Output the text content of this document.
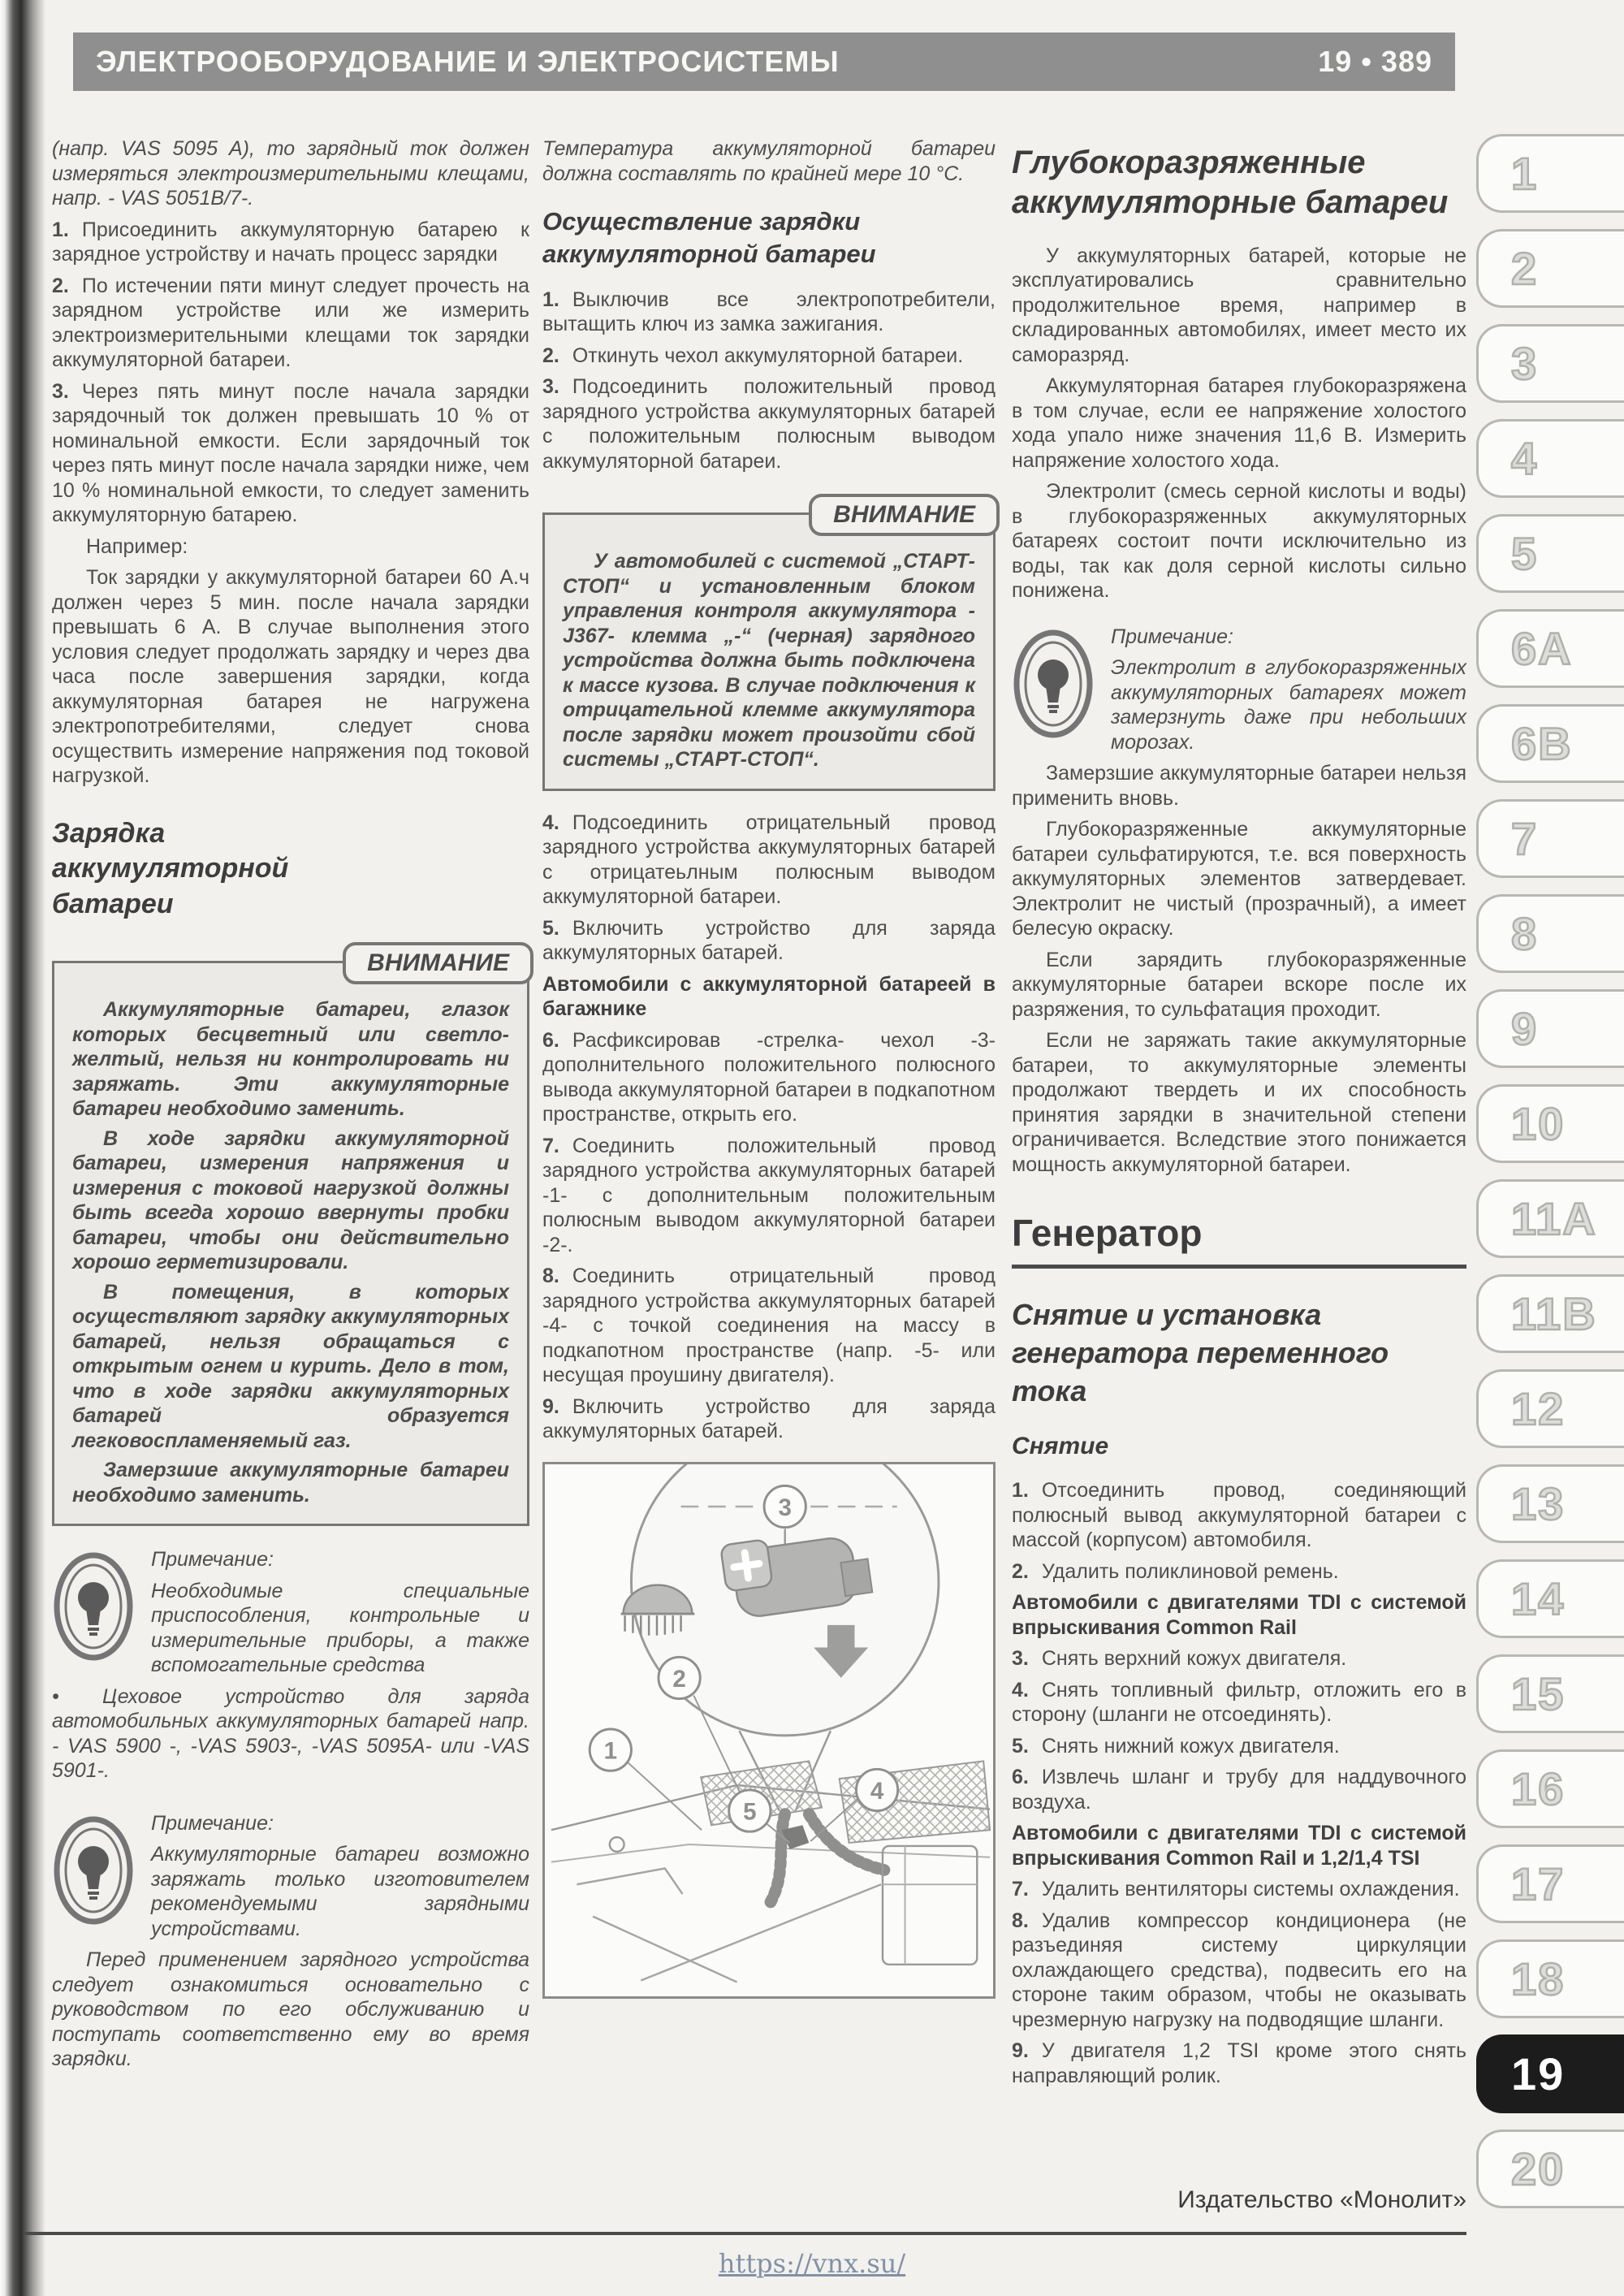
ЭЛЕКТРООБОРУДОВАНИЕ И ЭЛЕКТРОСИСТЕМЫ	19 • 389

(напр. VAS 5095 A), то зарядный ток должен измеряться электроизмерительными клещами, напр. - VAS 5051B/7-.

1. Присоединить аккумуляторную батарею к зарядное устройству и начать процесс зарядки

2. По истечении пяти минут следует прочесть на зарядном устройстве или же измерить электроизмерительными клещами ток зарядки аккумуляторной батареи.

3. Через пять минут после начала зарядки зарядочный ток должен превышать 10 % от номинальной емкости. Если зарядочный ток через пять минут после начала зарядки ниже, чем 10 % номинальной емкости, то следует заменить аккумуляторную батарею.

Например:

Ток зарядки у аккумуляторной батареи 60 А.ч должен через 5 мин. после начала зарядки превышать 6 А. В случае выполнения этого условия следует продолжать зарядку и через два часа после завершения зарядки, когда аккумуляторная батарея не нагружена электропотребителями, следует снова осуществить измерение напряжения под токовой нагрузкой.

Зарядка аккумуляторной батареи
ВНИМАНИЕ

Аккумуляторные батареи, глазок которых бесцветный или светло-желтый, нельзя ни контролировать ни заряжать. Эти аккумуляторные батареи необходимо заменить.

В ходе зарядки аккумуляторной батареи, измерения напряжения и измерения с токовой нагрузкой должны быть всегда хорошо ввернуты пробки батареи, чтобы они действительно хорошо герметизировали.

В помещения, в которых осуществляют зарядку аккумуляторных батарей, нельзя обращаться с открытым огнем и курить. Дело в том, что в ходе зарядки аккумуляторных батарей образуется легковоспламеняемый газ.

Замерзшие аккумуляторные батареи необходимо заменить.

Примечание:

Необходимые специальные приспособления, контрольные и измерительные приборы, а также вспомогательные средства

• Цеховое устройство для заряда автомобильных аккумуляторных батарей напр. - VAS 5900 -, -VAS 5903-, -VAS 5095A- или -VAS 5901-.

Примечание:

Аккумуляторные батареи возможно заряжать только изготовителем рекомендуемыми зарядными устройствами.

Перед применением зарядного устройства следует ознакомиться основательно с руководством по его обслуживанию и поступать соответственно ему во время зарядки.

Температура аккумуляторной батареи должна составлять по крайней мере 10 °C.

Осуществление зарядки аккумуляторной батареи

1. Выключив все электропотребители, вытащить ключ из замка зажигания.

2. Откинуть чехол аккумуляторной батареи.

3. Подсоединить положительный провод зарядного устройства аккумуляторных батарей с положительным полюсным выводом аккумуляторной батареи.

ВНИМАНИЕ

У автомобилей с системой „СТАРТ-СТОП“ и установленным блоком управления контроля аккумулятора -J367- клемма „-“ (черная) зарядного устройства должна быть подключена к массе кузова. В случае подключения к отрицательной клемме аккумулятора после зарядки может произойти сбой системы „СТАРТ-СТОП“.

4. Подсоединить отрицательный провод зарядного устройства аккумуляторных батарей с отрицатеьлным полюсным выводом аккумуляторной батареи.

5. Включить устройство для заряда аккумуляторных батарей.

Автомобили с аккумуляторной батареей в багажнике

6. Расфиксировав -стрелка- чехол -3- дополнительного положительного полюсного вывода аккумуляторной батареи в подкапотном пространстве, открыть его.

7. Соединить положительный провод зарядного устройства аккумуляторных батарей -1- с дополнительным положительным полюсным выводом аккумуляторной батареи -2-.

8. Соединить отрицательный провод зарядного устройства аккумуляторных батарей -4- с точкой соединения на массу в подкапотном пространстве (напр. -5- или несущая проушину двигателя).

9. Включить устройство для заряда аккумуляторных батарей.

3
2
1
4
5
Глубокоразряженные аккумуляторные батареи

У аккумуляторных батарей, которые не эксплуатировались сравнительно продолжительное время, например в складированных автомобилях, имеет место их саморазряд.

Аккумуляторная батарея глубокоразряжена в том случае, если ее напряжение холостого хода упало ниже значения 11,6 В. Измерить напряжение холостого хода.

Электролит (смесь серной кислоты и воды) в глубокоразряженных аккумуляторных батареях состоит почти исключительно из воды, так как доля серной кислоты сильно понижена.

Примечание:

Электролит в глубокоразряженных аккумуляторных батареях может замерзнуть даже при небольших морозах.

Замерзшие аккумуляторные батареи нельзя применить вновь.

Глубокоразряженные аккумуляторные батареи сульфатируются, т.е. вся поверхность аккумуляторных элементов затвердевает. Электролит не чистый (прозрачный), а имеет белесую окраску.

Если зарядить глубокоразряженные аккумуляторные батареи вскоре после их разряжения, то сульфатация проходит.

Если не заряжать такие аккумуляторные батареи, то аккумуляторные элементы продолжают твердеть и их способность принятия зарядки в значительной степени ограничивается. Вследствие этого понижается мощность аккумуляторной батареи.

Генератор
Снятие и установка генератора переменного тока
Снятие

1. Отсоединить провод, соединяющий полюсный вывод аккумуляторной батареи с массой (корпусом) автомобиля.

2. Удалить поликлиновой ремень.

Автомобили с двигателями TDI с системой впрыскивания Common Rail

3. Снять верхний кожух двигателя.

4. Снять топливный фильтр, отложить его в сторону (шланги не отсоединять).

5. Снять нижний кожух двигателя.

6. Извлечь шланг и трубу для наддувочного воздуха.

Автомобили с двигателями TDI с системой впрыскивания Common Rail и 1,2/1,4 TSI

7. Удалить вентиляторы системы охлаждения.

8. Удалив компрессор кондиционера (не разъединяя систему циркуляции охлаждающего средства), подвесить его на стороне таким образом, чтобы не оказывать чрезмерную нагрузку на подводящие шланги.

9. У двигателя 1,2 TSI кроме этого снять направляющий ролик.

1
2
3
4
5
6A
6B
7
8
9
10
11A
11B
12
13
14
15
16
17
18
19
20
Издательство «Монолит»
https://vnx.su/
